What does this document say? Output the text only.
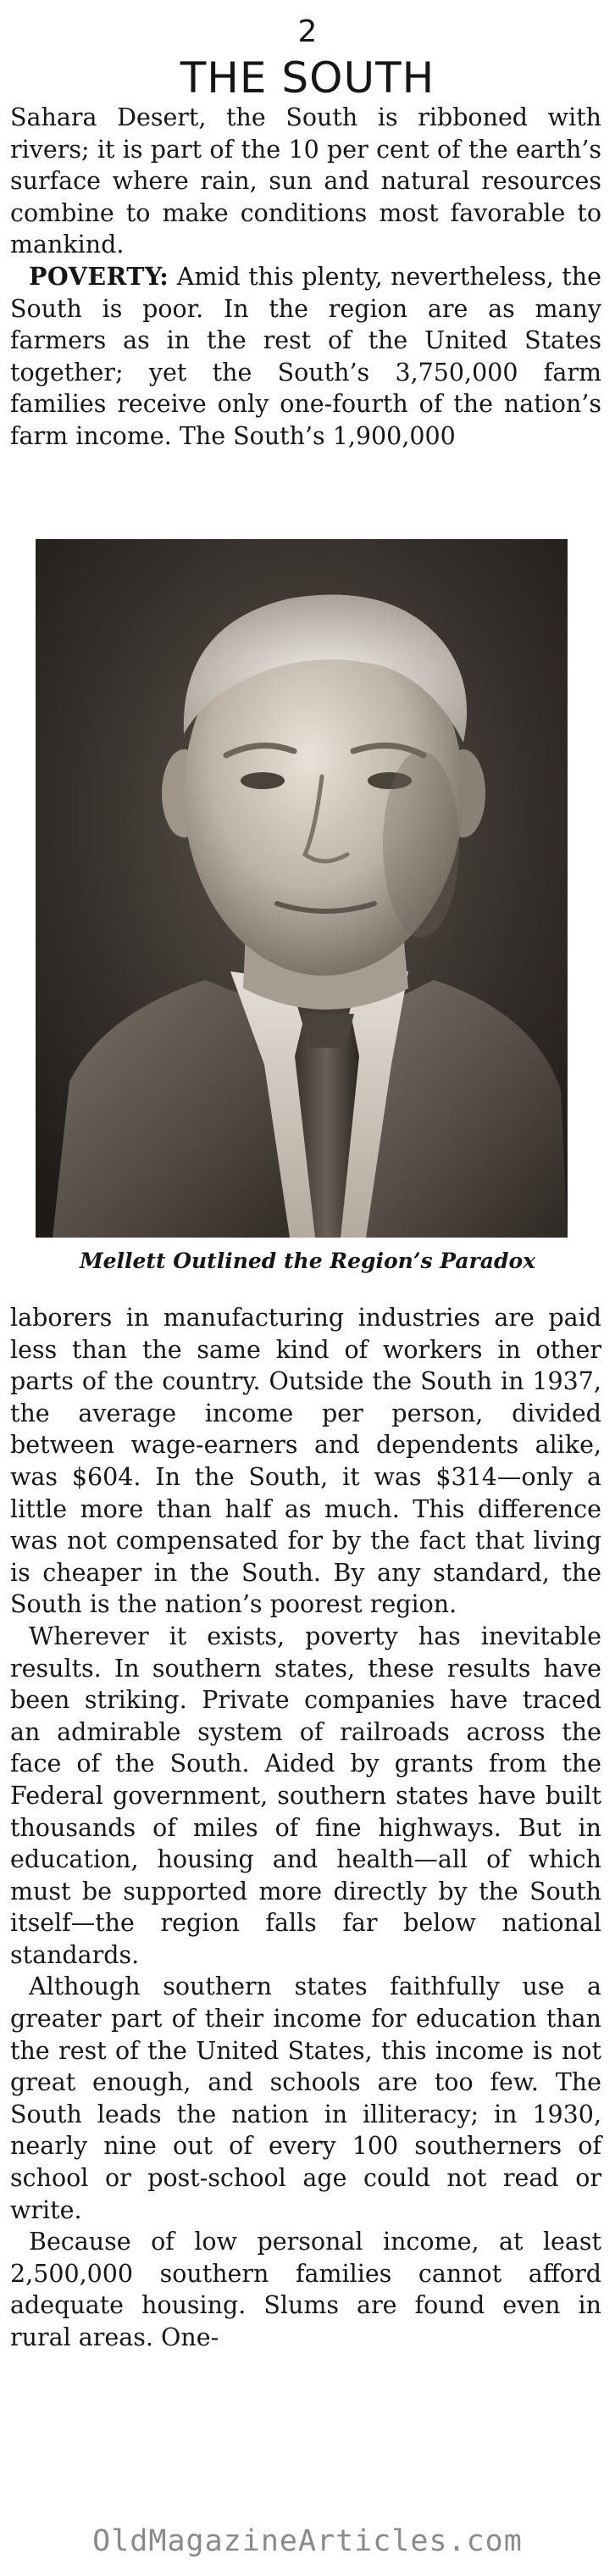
2
THE SOUTH

Sahara Desert, the South is ribboned with rivers; it is part of the 10 per cent of the earth’s surface where rain, sun and natural resources combine to make conditions most favorable to mankind.

POVERTY: Amid this plenty, nevertheless, the South is poor. In the region are as many farmers as in the rest of the United States together; yet the South’s 3,750,000 farm families receive only one-fourth of the nation’s farm income. The South’s 1,900,000

Mellett Outlined the Region’s Paradox

laborers in manufacturing industries are paid less than the same kind of workers in other parts of the country. Outside the South in 1937, the average income per person, divided between wage-earners and dependents alike, was $604. In the South, it was $314—only a little more than half as much. This difference was not compensated for by the fact that living is cheaper in the South. By any standard, the South is the nation’s poorest region.

Wherever it exists, poverty has inevitable results. In southern states, these results have been striking. Private companies have traced an admirable system of railroads across the face of the South. Aided by grants from the Federal government, southern states have built thousands of miles of fine highways. But in education, housing and health—all of which must be supported more directly by the South itself—the region falls far below national standards.

Although southern states faithfully use a greater part of their income for education than the rest of the United States, this income is not great enough, and schools are too few. The South leads the nation in illiteracy; in 1930, nearly nine out of every 100 southerners of school or post-school age could not read or write.

Because of low personal income, at least 2,500,000 southern families cannot afford adequate housing. Slums are found even in rural areas. One-

OldMagazineArticles.com
